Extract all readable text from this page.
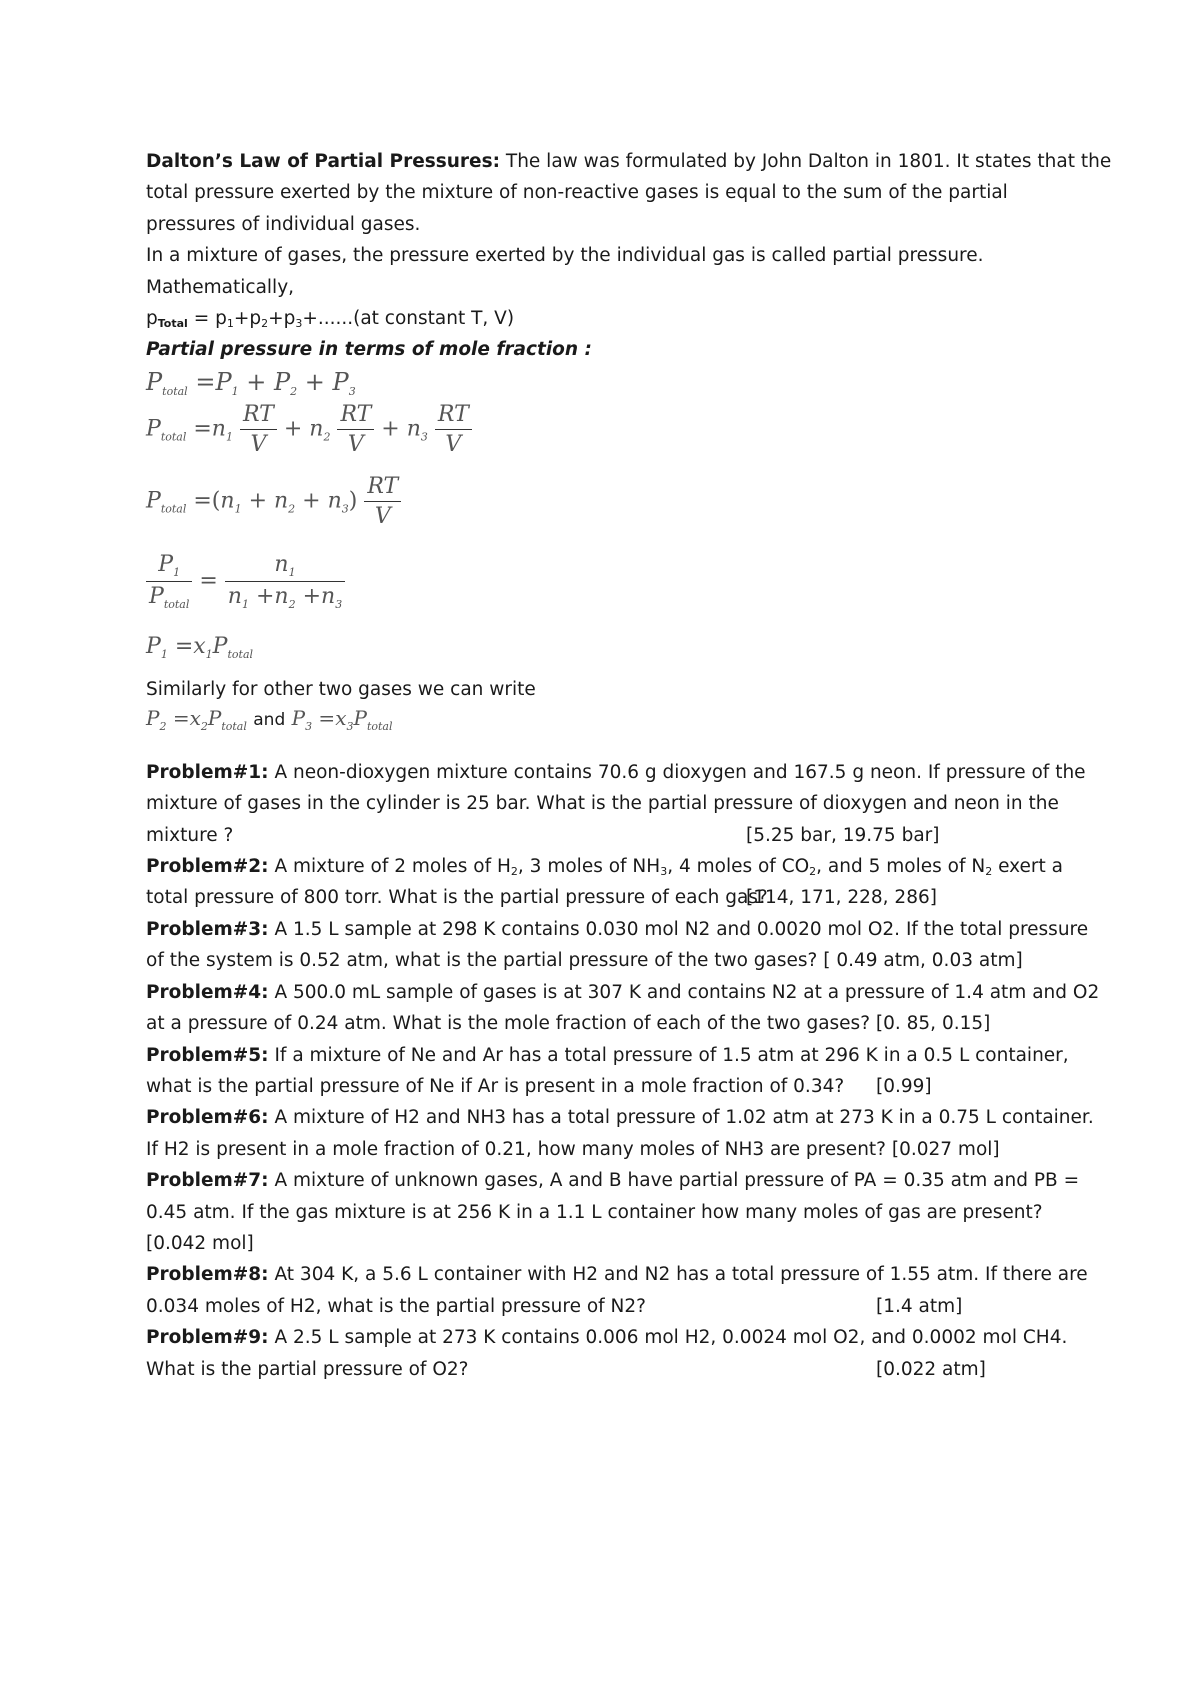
Dalton’s Law of Partial Pressures: The law was formulated by John Dalton in 1801. It states that the
total pressure exerted by the mixture of non-reactive gases is equal to the sum of the partial
pressures of individual gases.
In a mixture of gases, the pressure exerted by the individual gas is called partial pressure.
Mathematically,
$p_{Total} = p_1+p_2+p_3+......(at$ constant T, V)
Partial pressure in terms of mole fraction :
$P_{total} =P_1 + P_2 + P_3$
$P_{total} =n_1 \frac{RT}{V} + n_2 \frac{RT}{V} + n_3 \frac{RT}{V}$
$P_{total} =(n_1 + n_2 + n_3) \frac{RT}{V}$
$\frac{P_1}{P_{total}} = \frac{n_1}{n_1 +n_2 +n_3}$
$P_1 =x_1P_{total}$
Similarly for other two gases we can write
$P_2 =x_2P_{total}$ and $P_3 =x_3P_{total}$
Problem#1: A neon-dioxygen mixture contains 70.6 g dioxygen and 167.5 g neon. If pressure of the
mixture of gases in the cylinder is 25 bar. What is the partial pressure of dioxygen and neon in the
mixture ?	[5.25 bar, 19.75 bar]
Problem#2: A mixture of 2 moles of $H_2$, 3 moles of $NH_3$, 4 moles of $CO_2$, and 5 moles of $N_2$ exert a
total pressure of 800 torr. What is the partial pressure of each gas?
[114, 171, 228, 286]
Problem#3: A 1.5 L sample at 298 K contains 0.030 mol N2 and 0.0020 mol O2. If the total pressure
of the system is 0.52 atm, what is the partial pressure of the two gases? [ 0.49 atm, 0.03 atm]
Problem#4: A 500.0 mL sample of gases is at 307 K and contains N2 at a pressure of 1.4 atm and O2
at a pressure of 0.24 atm. What is the mole fraction of each of the two gases? [0. 85, 0.15]
Problem#5: If a mixture of Ne and Ar has a total pressure of 1.5 atm at 296 K in a 0.5 L container,
what is the partial pressure of Ne if Ar is present in a mole fraction of 0.34? [0.99]
Problem#6: A mixture of H2 and NH3 has a total pressure of 1.02 atm at 273 K in a 0.75 L container.
If H2 is present in a mole fraction of 0.21, how many moles of NH3 are present? [0.027 mol]
Problem#7: A mixture of unknown gases, A and B have partial pressure of PA = 0.35 atm and PB =
0.45 atm. If the gas mixture is at 256 K in a 1.1 L container how many moles of gas are present?
[0.042 mol]
Problem#8: At 304 K, a 5.6 L container with H2 and N2 has a total pressure of 1.55 atm. If there are
0.034 moles of H2, what is the partial pressure of N2?	[1.4 atm]
Problem#9: A 2.5 L sample at 273 K contains 0.006 mol H2, 0.0024 mol O2, and 0.0002 mol CH4.
What is the partial pressure of O2?	[0.022 atm]
